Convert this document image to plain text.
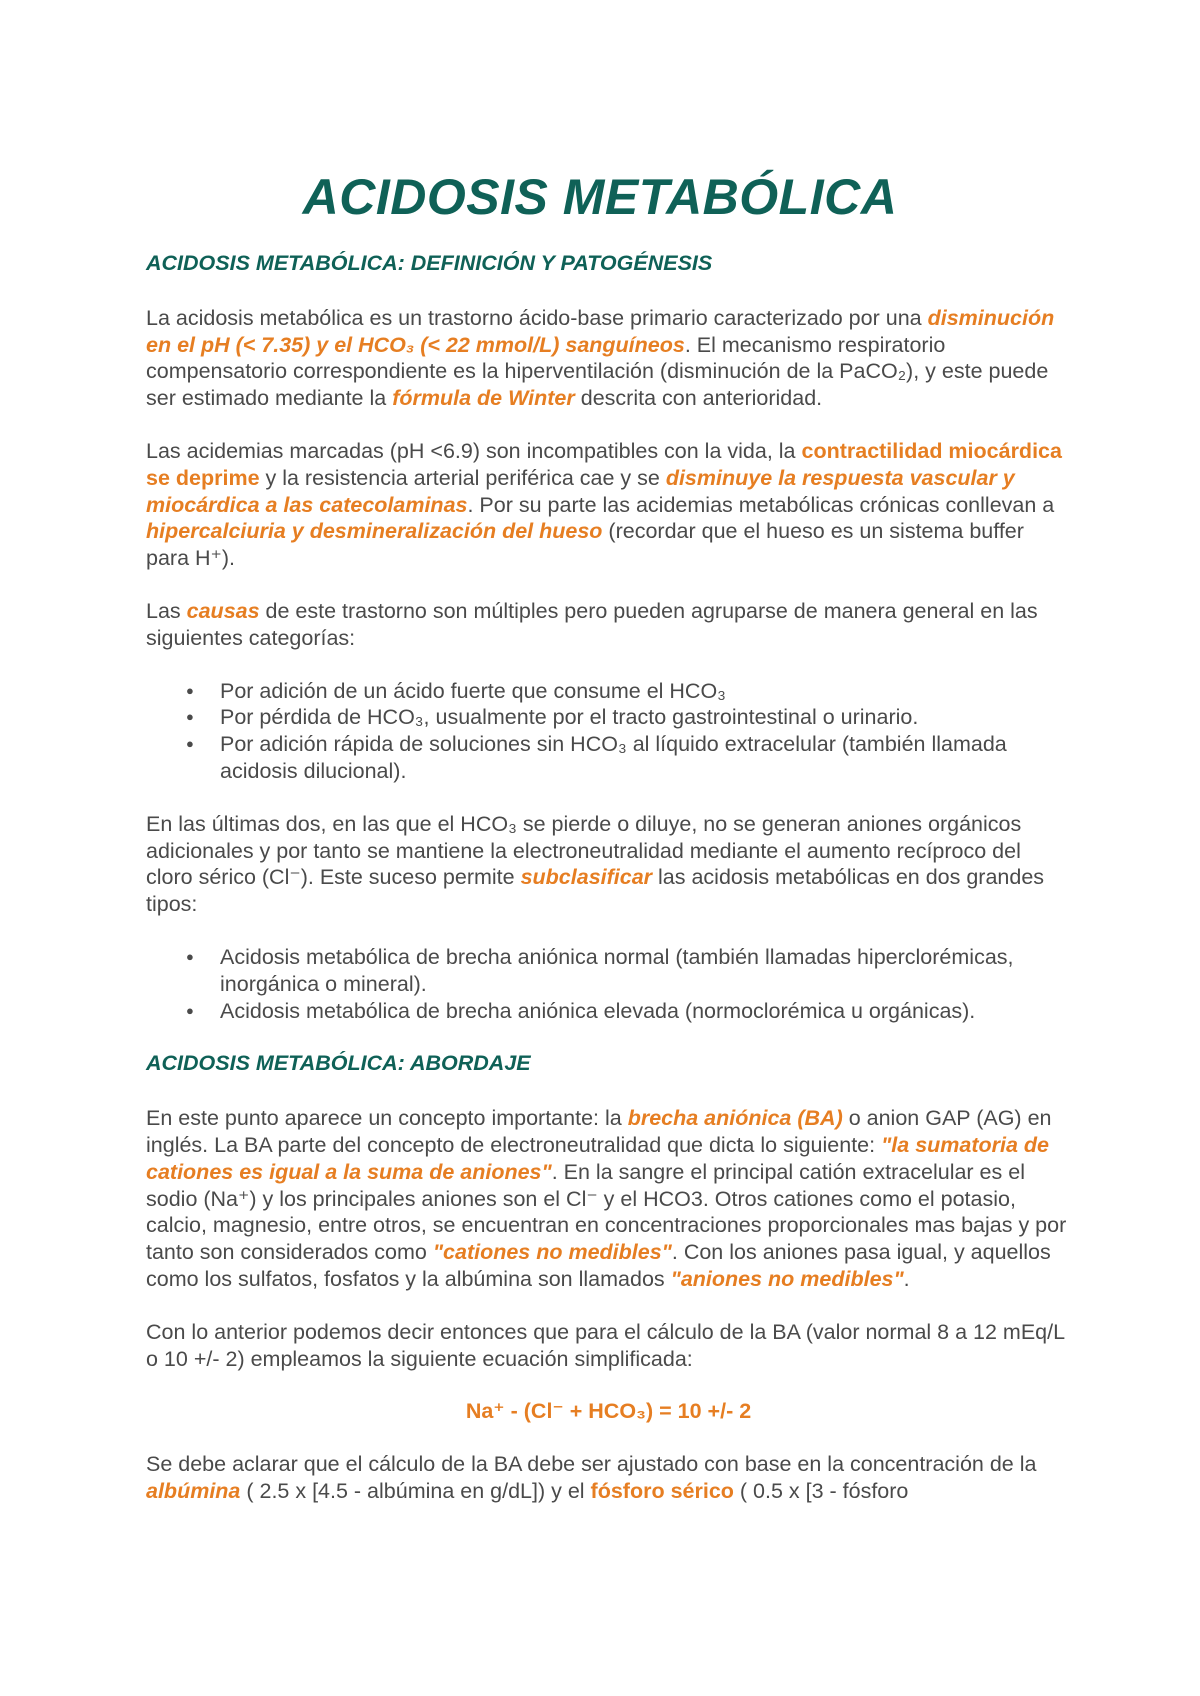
ACIDOSIS METABÓLICA
ACIDOSIS METABÓLICA: DEFINICIÓN Y PATOGÉNESIS

La acidosis metabólica es un trastorno ácido-base primario caracterizado por una disminución en el pH (< 7.35) y el HCO₃ (< 22 mmol/L) sanguíneos. El mecanismo respiratorio compensatorio correspondiente es la hiperventilación (disminución de la PaCO₂), y este puede ser estimado mediante la fórmula de Winter descrita con anterioridad.

Las acidemias marcadas (pH <6.9) son incompatibles con la vida, la contractilidad miocárdica se deprime y la resistencia arterial periférica cae y se disminuye la respuesta vascular y miocárdica a las catecolaminas. Por su parte las acidemias metabólicas crónicas conllevan a hipercalciuria y desmineralización del hueso (recordar que el hueso es un sistema buffer para H⁺).

Las causas de este trastorno son múltiples pero pueden agruparse de manera general en las siguientes categorías:

● Por adición de un ácido fuerte que consume el HCO₃
● Por pérdida de HCO₃, usualmente por el tracto gastrointestinal o urinario.
● Por adición rápida de soluciones sin HCO₃ al líquido extracelular (también llamada acidosis dilucional).

En las últimas dos, en las que el HCO₃ se pierde o diluye, no se generan aniones orgánicos adicionales y por tanto se mantiene la electroneutralidad mediante el aumento recíproco del cloro sérico (Cl⁻). Este suceso permite subclasificar las acidosis metabólicas en dos grandes tipos:

● Acidosis metabólica de brecha aniónica normal (también llamadas hiperclorémicas, inorgánica o mineral).
● Acidosis metabólica de brecha aniónica elevada (normoclorémica u orgánicas).
ACIDOSIS METABÓLICA: ABORDAJE

En este punto aparece un concepto importante: la brecha aniónica (BA) o anion GAP (AG) en inglés. La BA parte del concepto de electroneutralidad que dicta lo siguiente: "la sumatoria de cationes es igual a la suma de aniones". En la sangre el principal catión extracelular es el sodio (Na⁺) y los principales aniones son el Cl⁻ y el HCO3. Otros cationes como el potasio, calcio, magnesio, entre otros, se encuentran en concentraciones proporcionales mas bajas y por tanto son considerados como "cationes no medibles". Con los aniones pasa igual, y aquellos como los sulfatos, fosfatos y la albúmina son llamados "aniones no medibles".

Con lo anterior podemos decir entonces que para el cálculo de la BA (valor normal 8 a 12 mEq/L o 10 +/- 2) empleamos la siguiente ecuación simplificada:

Na⁺ - (Cl⁻ + HCO₃) = 10 +/- 2

Se debe aclarar que el cálculo de la BA debe ser ajustado con base en la concentración de la albúmina ( 2.5 x [4.5 - albúmina en g/dL]) y el fósforo sérico ( 0.5 x [3 - fósforo
